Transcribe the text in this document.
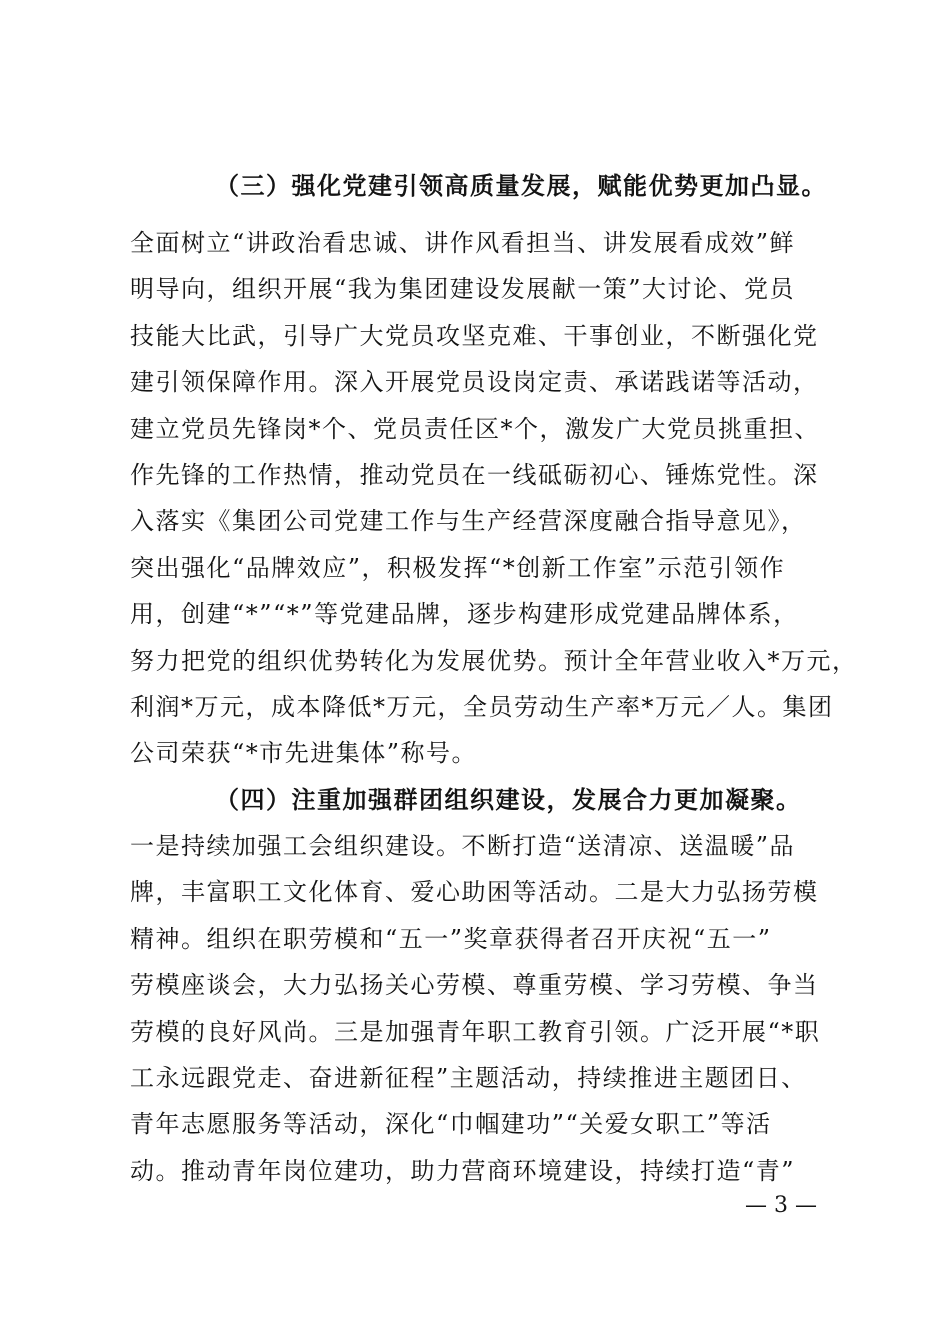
（三）强化党建引领高质量发展，赋能优势更加凸显。
全面树立“讲政治看忠诚、讲作风看担当、讲发展看成效”鲜
明导向，组织开展“我为集团建设发展献一策”大讨论、党员
技能大比武，引导广大党员攻坚克难、干事创业，不断强化党
建引领保障作用。深入开展党员设岗定责、承诺践诺等活动，
建立党员先锋岗*个、党员责任区*个，激发广大党员挑重担、
作先锋的工作热情，推动党员在一线砥砺初心、锤炼党性。深
入落实《集团公司党建工作与生产经营深度融合指导意见》，
突出强化“品牌效应”，积极发挥“*创新工作室”示范引领作
用，创建“*”“*”等党建品牌，逐步构建形成党建品牌体系，
努力把党的组织优势转化为发展优势。预计全年营业收入*万元，
利润*万元，成本降低*万元，全员劳动生产率*万元／人。集团
公司荣获“*市先进集体”称号。
（四）注重加强群团组织建设，发展合力更加凝聚。
一是持续加强工会组织建设。不断打造“送清凉、送温暖”品
牌，丰富职工文化体育、爱心助困等活动。二是大力弘扬劳模
精神。组织在职劳模和“五一”奖章获得者召开庆祝“五一”
劳模座谈会，大力弘扬关心劳模、尊重劳模、学习劳模、争当
劳模的良好风尚。三是加强青年职工教育引领。广泛开展“*职
工永远跟党走、奋进新征程”主题活动，持续推进主题团日、
青年志愿服务等活动，深化“巾帼建功”“关爱女职工”等活
动。推动青年岗位建功，助力营商环境建设，持续打造“青”
— 3 —
